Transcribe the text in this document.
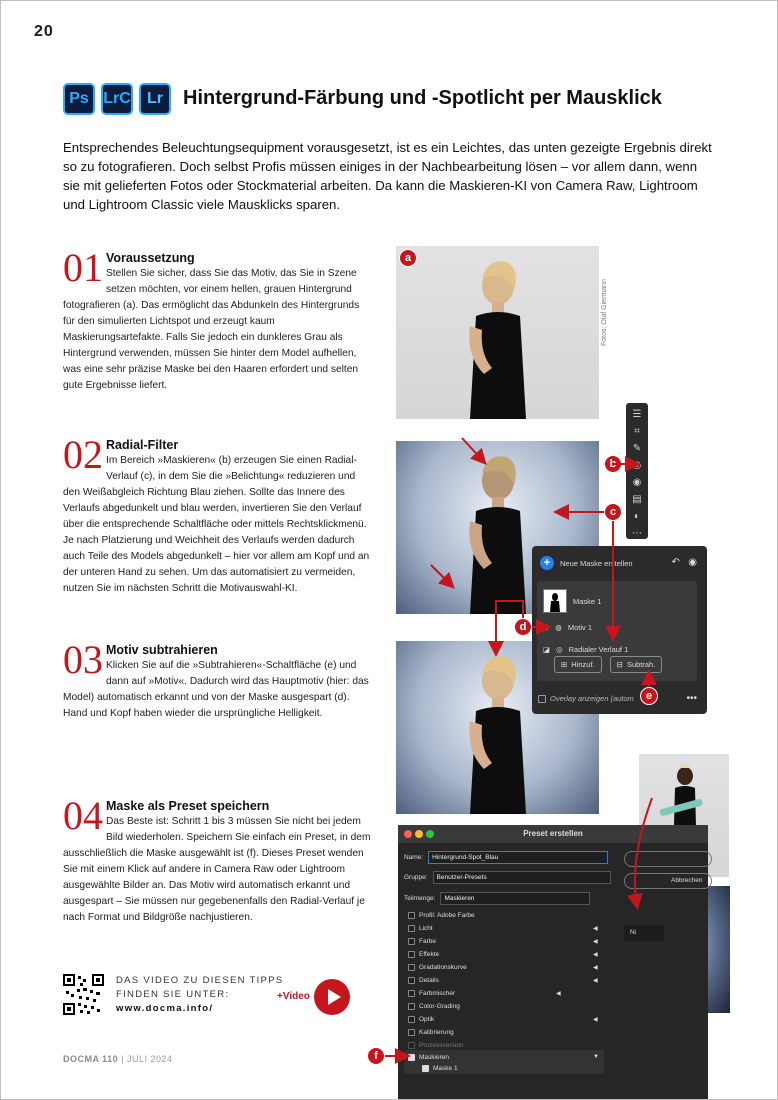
20
Ps LrC	Lr	Hintergrund-Färbung und -Spotlicht per Mausklick

Entsprechendes Beleuchtungsequipment vorausgesetzt, ist es ein Leichtes, das unten gezeigte Ergebnis direkt so zu fotografieren. Doch selbst Profis müssen einiges in der Nachbearbeitung lösen – vor allem dann, wenn sie mit gelieferten Fotos oder Stockmaterial arbeiten. Da kann die Maskieren-KI von Camera Raw, Lightroom und Lightroom Classic viele Mausklicks sparen.

01 Voraussetzung
Stellen Sie sicher, dass Sie das Motiv, das Sie in Szene setzen möchten, vor einem hellen, grauen Hintergrund fotografieren (a). Das ermöglicht das Abdunkeln des Hintergrunds für den simulierten Lichtspot und erzeugt kaum Maskierungsartefakte. Falls Sie jedoch ein dunkleres Grau als Hintergrund verwenden, müssen Sie hinter dem Model aufhellen, was eine sehr präzise Maske bei den Haaren erfordert und selten gute Ergebnisse liefert.
02 Radial-Filter
Im Bereich »Maskieren« (b) erzeugen Sie einen Radial-Verlauf (c), in dem Sie die »Belichtung« reduzieren und den Weißabgleich Richtung Blau ziehen. Sollte das Innere des Verlaufs abgedunkelt und blau werden, invertieren Sie den Verlauf über die entsprechende Schaltfläche oder mittels Rechtsklickmenü. Je nach Platzierung und Weichheit des Verlaufs werden dadurch auch Teile des Models abgedunkelt – hier vor allem am Kopf und an der unteren Hand zu sehen. Um das automatisiert zu vermeiden, nutzen Sie im nächsten Schritt die Motivauswahl-KI.
03 Motiv subtrahieren
Klicken Sie auf die »Subtrahieren«-Schaltfläche (e) und dann auf »Motiv«. Dadurch wird das Hauptmotiv (hier: das Model) automatisch erkannt und von der Maske ausgespart (d). Hand und Kopf haben wieder die ursprüngliche Helligkeit.
04 Maske als Preset speichern
Das Beste ist: Schritt 1 bis 3 müssen Sie nicht bei jedem Bild wiederholen. Speichern Sie einfach ein Preset, in dem ausschließlich die Maske ausgewählt ist (f). Dieses Preset wenden Sie mit einem Klick auf andere in Camera Raw oder Lightroom ausgewählte Bilder an. Das Motiv wird automatisch erkannt und ausgespart – Sie müssen nur gegebenenfalls den Radial-Verlauf je nach Format und Bildgröße nachjustieren.
a
Fotos: Olaf Giermann
☰
⌗
✎
◎
◉
▤
◐
⋯
b
c
+	Neue Maske erstellen	↶ ◉
Maske 1
⊖ ◍ Motiv 1
◪ ◎ Radialer Verlauf 1
⊞ Hinzuf.	⊟ Subtrah.
Overlay anzeigen (autom	•••
d
e
Preset erstellen
Name:	Hintergrund-Spot_Blau
Gruppe:	Benutzer-Presets
Teilmenge:	Maskieren
Profil: Adobe Farbe
Licht	◀
Farbe	◀
Effekte	◀
Gradationskurve	◀
Details	◀
Farbmischer	◀
Color-Grading
Optik	◀
Kalibrierung
Prozessversion
Maskieren	▼
Maske 1
Abbrechen
Ni
f
DAS VIDEO ZU DIESEN TIPPS
FINDEN SIE UNTER:
www.docma.info/
+Video
DOCMA 110 | JULI 2024
